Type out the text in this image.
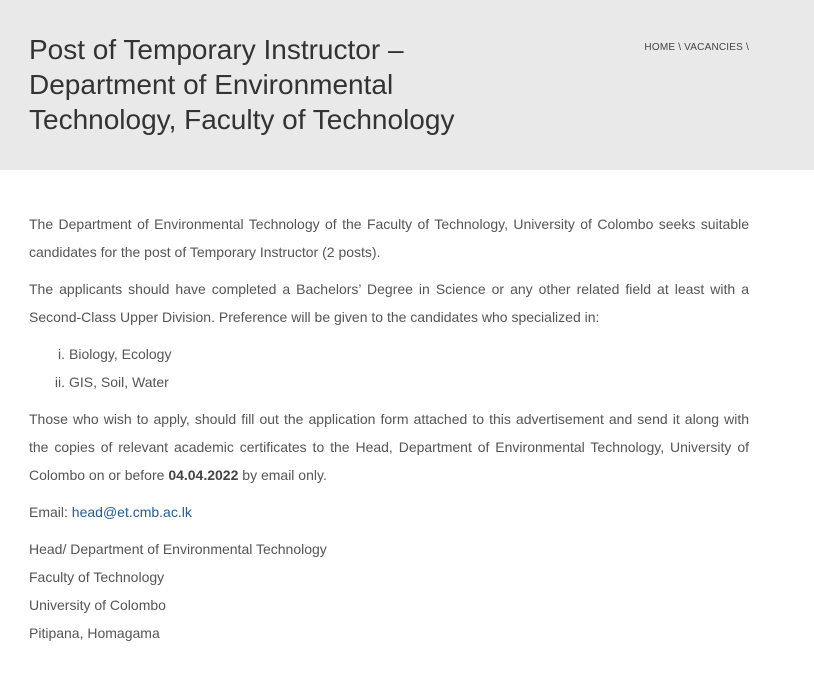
Post of Temporary Instructor –
Department of Environmental
Technology, Faculty of Technology
HOME \ VACANCIES \

The Department of Environmental Technology of the Faculty of Technology, University of Colombo seeks suitable candidates for the post of Temporary Instructor (2 posts).

The applicants should have completed a Bachelors’ Degree in Science or any other related field at least with a Second-Class Upper Division. Preference will be given to the candidates who specialized in:

i. Biology, Ecology
ii. GIS, Soil, Water

Those who wish to apply, should fill out the application form attached to this advertisement and send it along with the copies of relevant academic certificates to the Head, Department of Environmental Technology, University of Colombo on or before 04.04.2022 by email only.

Email: head@et.cmb.ac.lk

Head/ Department of Environmental Technology

Faculty of Technology

University of Colombo

Pitipana, Homagama
